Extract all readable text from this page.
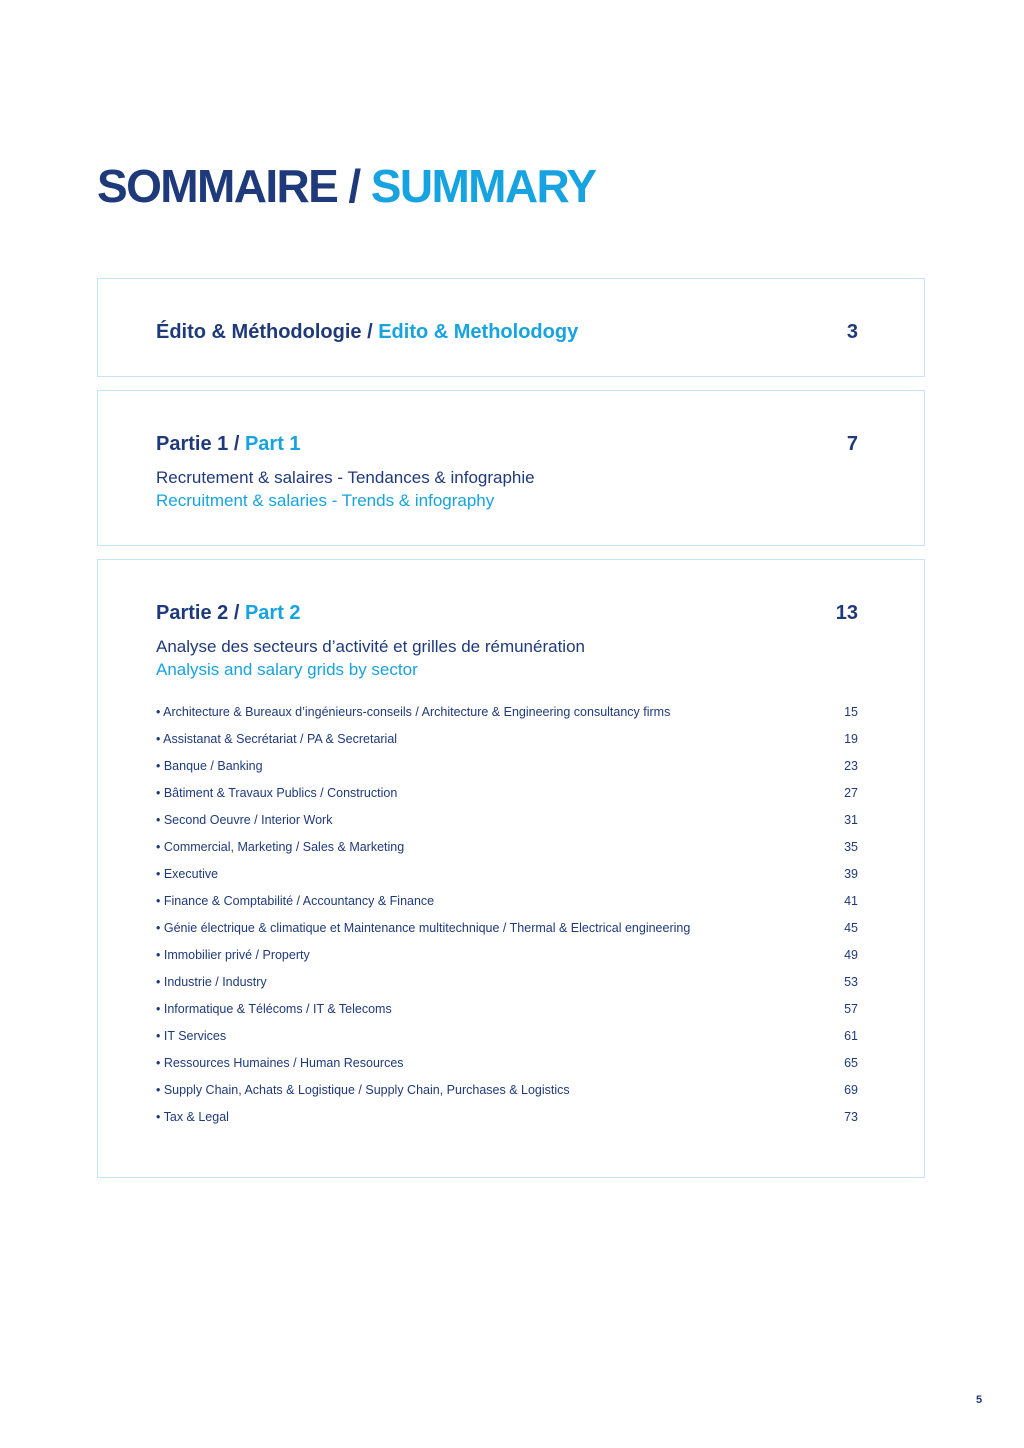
SOMMAIRE / SUMMARY
Édito & Méthodologie / Edito & Metholodogy	3
Partie 1 / Part 1	7
Recrutement & salaires - Tendances & infographie
Recruitment & salaries - Trends & infography
Partie 2 / Part 2	13
Analyse des secteurs d’activité et grilles de rémunération
Analysis and salary grids by sector
• Architecture & Bureaux d’ingénieurs-conseils / Architecture & Engineering consultancy firms	15
• Assistanat & Secrétariat / PA & Secretarial	19
• Banque / Banking	23
• Bâtiment & Travaux Publics / Construction	27
• Second Oeuvre / Interior Work	31
• Commercial, Marketing / Sales & Marketing	35
• Executive	39
• Finance & Comptabilité / Accountancy & Finance	41
• Génie électrique & climatique et Maintenance multitechnique / Thermal & Electrical engineering	45
• Immobilier privé / Property	49
• Industrie / Industry	53
• Informatique & Télécoms / IT & Telecoms	57
• IT Services	61
• Ressources Humaines / Human Resources	65
• Supply Chain, Achats & Logistique / Supply Chain, Purchases & Logistics	69
• Tax & Legal	73
5
